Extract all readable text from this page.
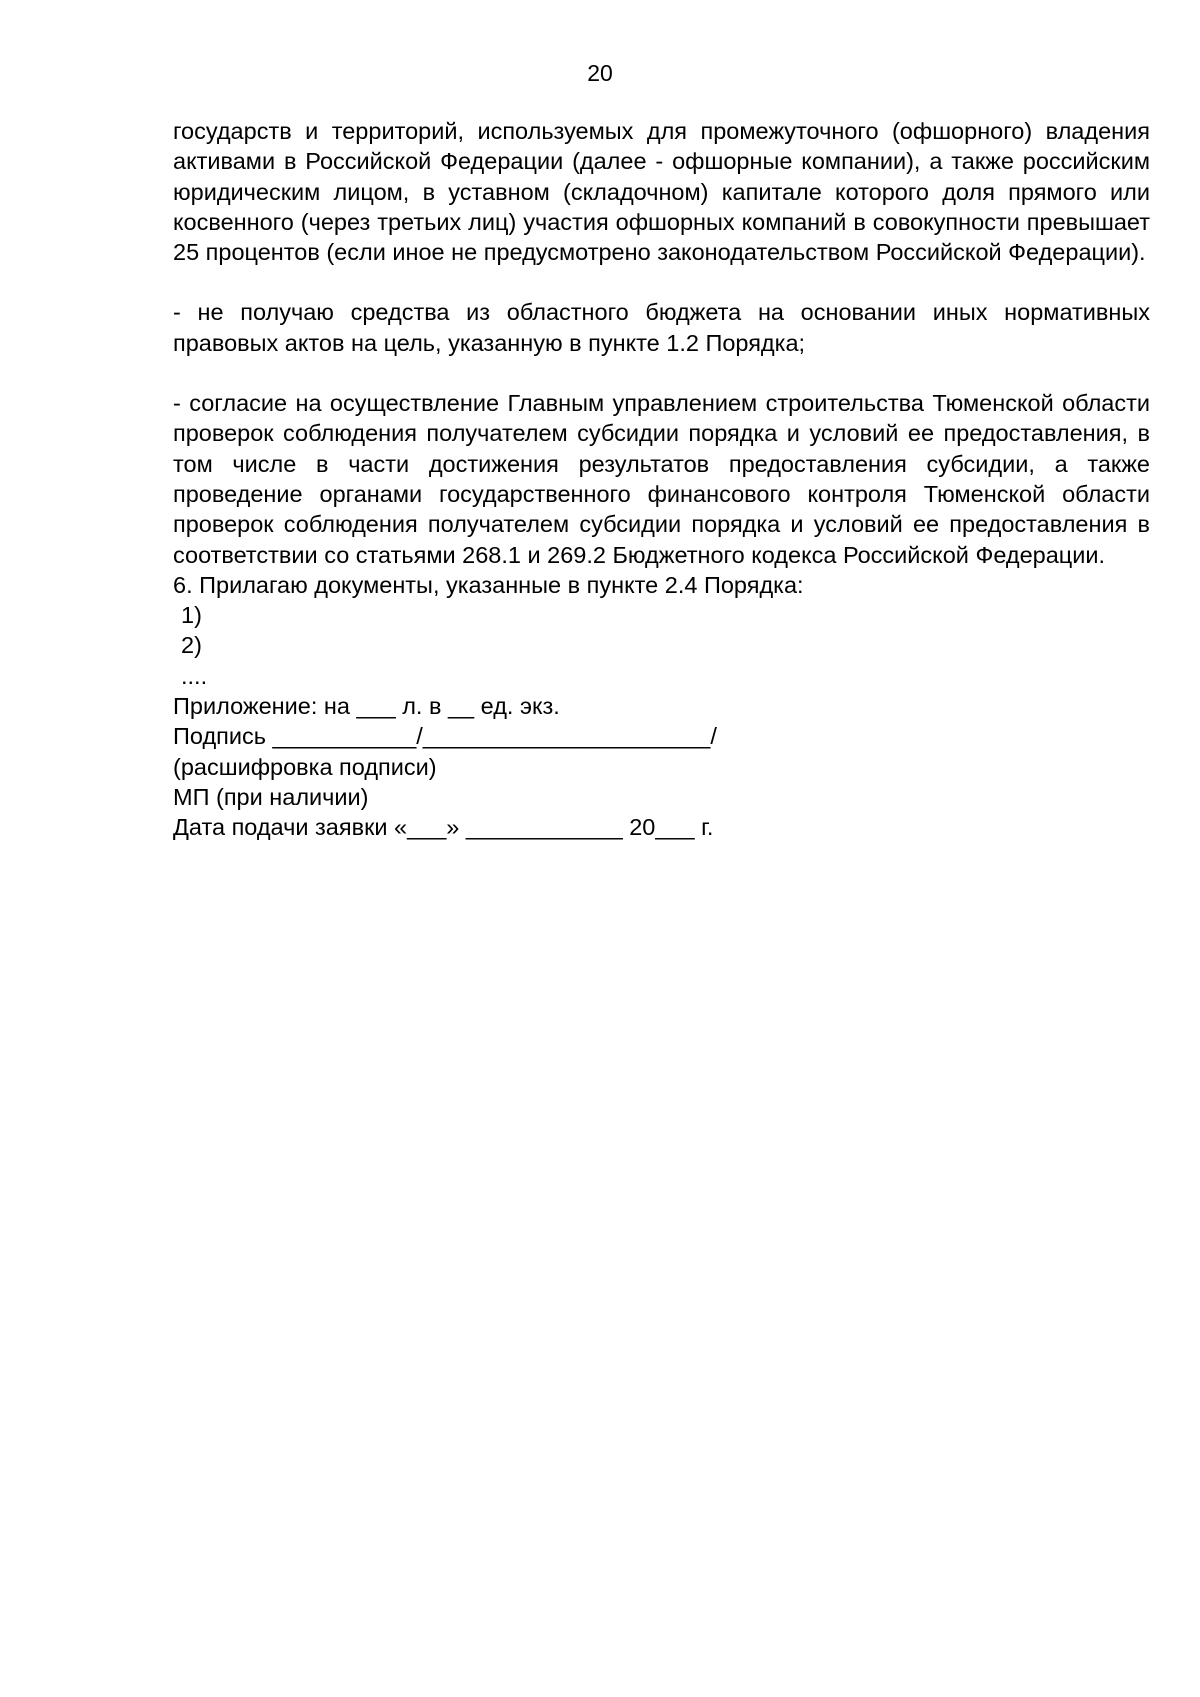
20

государств и территорий, используемых для промежуточного (офшорного) владения активами в Российской Федерации (далее - офшорные компании), а также российским юридическим лицом, в уставном (складочном) капитале которого доля прямого или косвенного (через третьих лиц) участия офшорных компаний в совокупности превышает 25 процентов (если иное не предусмотрено законодательством Российской Федерации).

- не получаю средства из областного бюджета на основании иных нормативных правовых актов на цель, указанную в пункте 1.2 Порядка;

- согласие на осуществление Главным управлением строительства Тюменской области проверок соблюдения получателем субсидии порядка и условий ее предоставления, в том числе в части достижения результатов предоставления субсидии, а также проведение органами государственного финансового контроля Тюменской области проверок соблюдения получателем субсидии порядка и условий ее предоставления в соответствии со статьями 268.1 и 269.2 Бюджетного кодекса Российской Федерации.

6. Прилагаю документы, указанные в пункте 2.4 Порядка:

1)

2)

....

Приложение: на ___ л. в __ ед. экз.

Подпись ___________/______________________/

(расшифровка подписи)

МП (при наличии)

Дата подачи заявки «___» ____________ 20___ г.
